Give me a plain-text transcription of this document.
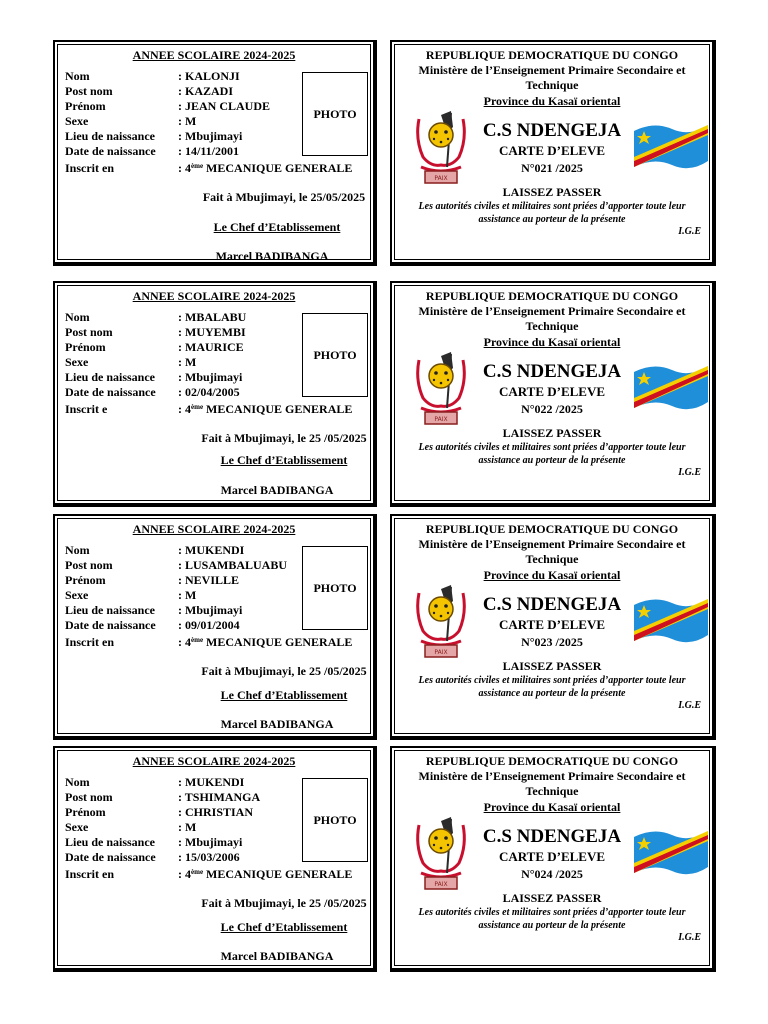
ANNEE SCOLAIRE 2024-2025
Nom	: KALONJI
Post nom	: KAZADI
Prénom	: JEAN CLAUDE
Sexe	: M
Lieu de naissance : Mbujimayi
Date de naissance : 14/11/2001
Inscrit en	: 4ème MECANIQUE GENERALE
PHOTO
Fait à Mbujimayi, le 25/05/2025
Le Chef d’Etablissement
Marcel BADIBANGA
REPUBLIQUE DEMOCRATIQUE DU CONGO
Ministère de l’Enseignement Primaire Secondaire et Technique
Province du Kasaï oriental
PAIX
C.S NDENGEJA
CARTE D’ELEVE
N°021 /2025
LAISSEZ PASSER
Les autorités civiles et militaires sont priées d’apporter toute leur assistance au porteur de la présente
I.G.E
ANNEE SCOLAIRE 2024-2025
Nom	: MBALABU
Post nom	: MUYEMBI
Prénom	: MAURICE
Sexe	: M
Lieu de naissance : Mbujimayi
Date de naissance : 02/04/2005
Inscrit e	: 4ème MECANIQUE GENERALE
PHOTO
Fait à Mbujimayi, le 25 /05/2025
Le Chef d’Etablissement
Marcel BADIBANGA
REPUBLIQUE DEMOCRATIQUE DU CONGO
Ministère de l’Enseignement Primaire Secondaire et Technique
Province du Kasaï oriental
PAIX
C.S NDENGEJA
CARTE D’ELEVE
N°022 /2025
LAISSEZ PASSER
Les autorités civiles et militaires sont priées d’apporter toute leur assistance au porteur de la présente
I.G.E
ANNEE SCOLAIRE 2024-2025
Nom	: MUKENDI
Post nom	: LUSAMBALUABU
Prénom	: NEVILLE
Sexe	: M
Lieu de naissance : Mbujimayi
Date de naissance : 09/01/2004
Inscrit en	: 4ème MECANIQUE GENERALE
PHOTO
Fait à Mbujimayi, le 25 /05/2025
Le Chef d’Etablissement
Marcel BADIBANGA
REPUBLIQUE DEMOCRATIQUE DU CONGO
Ministère de l’Enseignement Primaire Secondaire et Technique
Province du Kasaï oriental
PAIX
C.S NDENGEJA
CARTE D’ELEVE
N°023 /2025
LAISSEZ PASSER
Les autorités civiles et militaires sont priées d’apporter toute leur assistance au porteur de la présente
I.G.E
ANNEE SCOLAIRE 2024-2025
Nom	: MUKENDI
Post nom	: TSHIMANGA
Prénom	: CHRISTIAN
Sexe	: M
Lieu de naissance : Mbujimayi
Date de naissance : 15/03/2006
Inscrit en	: 4ème MECANIQUE GENERALE
PHOTO
Fait à Mbujimayi, le 25 /05/2025
Le Chef d’Etablissement
Marcel BADIBANGA
REPUBLIQUE DEMOCRATIQUE DU CONGO
Ministère de l’Enseignement Primaire Secondaire et Technique
Province du Kasaï oriental
PAIX
C.S NDENGEJA
CARTE D’ELEVE
N°024 /2025
LAISSEZ PASSER
Les autorités civiles et militaires sont priées d’apporter toute leur assistance au porteur de la présente
I.G.E
